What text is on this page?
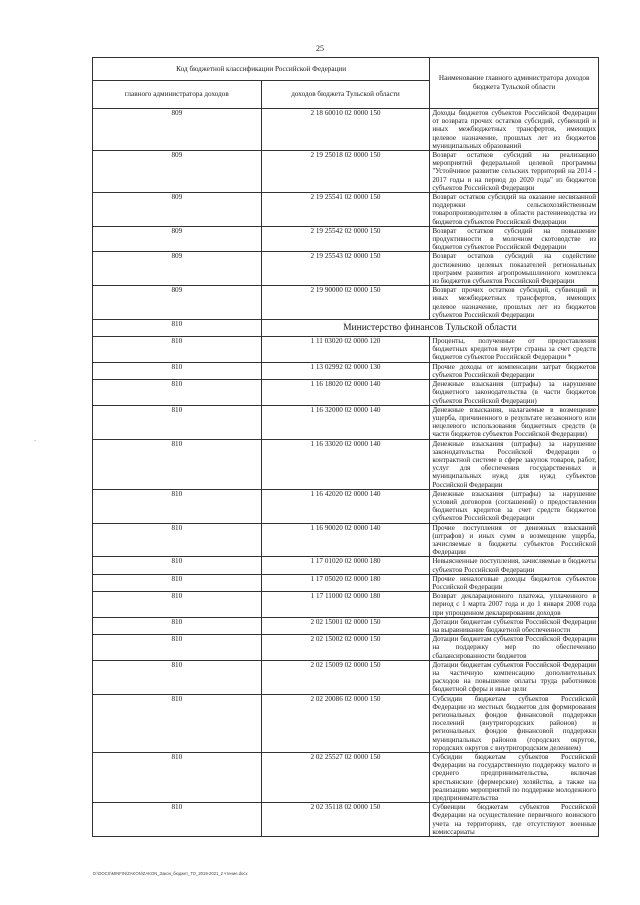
25
-
Код бюджетной классификации Российской Федерации		Наименование главного администратора доходов бюджета Тульской области
главного администратора доходов	доходов бюджета Тульской области	
809	2 18 60010 02 0000 150	Доходы бюджетов субъектов Российской Федерации от возврата прочих остатков субсидий, субвенций и иных межбюджетных трансфертов, имеющих целевое назначение, прошлых лет из бюджетов муниципальных образований
809	2 19 25018 02 0000 150	Возврат остатков субсидий на реализацию мероприятий федеральной целевой программы "Устойчивое развитие сельских территорий на 2014 - 2017 годы и на период до 2020 года" из бюджетов субъектов Российской Федерации
809	2 19 25541 02 0000 150	Возврат остатков субсидий на оказание несвязанной поддержки сельскохозяйственным товаропроизводителям в области растениеводства из бюджетов субъектов Российской Федерации
809	2 19 25542 02 0000 150	Возврат остатков субсидий на повышение продуктивности в молочном скотоводстве из бюджетов субъектов Российской Федерации
809	2 19 25543 02 0000 150	Возврат остатков субсидий на содействие достижению целевых показателей региональных программ развития агропромышленного комплекса из бюджетов субъектов Российской Федерации
809	2 19 90000 02 0000 150	Возврат прочих остатков субсидий, субвенций и иных межбюджетных трансфертов, имеющих целевое назначение, прошлых лет из бюджетов субъектов Российской Федерации
810	Министерство финансов Тульской области	
810	1 11 03020 02 0000 120	Проценты, полученные от предоставления бюджетных кредитов внутри страны за счет средств бюджетов субъектов Российской Федерации *
810	1 13 02992 02 0000 130	Прочие доходы от компенсации затрат бюджетов субъектов Российской Федерации
810	1 16 18020 02 0000 140	Денежные взыскания (штрафы) за нарушение бюджетного законодательства (в части бюджетов субъектов Российской Федерации)
810	1 16 32000 02 0000 140	Денежные взыскания, налагаемые в возмещение ущерба, причиненного в результате незаконного или нецелевого использования бюджетных средств (в части бюджетов субъектов Российской Федерации)
810	1 16 33020 02 0000 140	Денежные взыскания (штрафы) за нарушение законодательства Российской Федерации о контрактной системе в сфере закупок товаров, работ, услуг для обеспечения государственных и муниципальных нужд для нужд субъектов Российской Федерации
810	1 16 42020 02 0000 140	Денежные взыскания (штрафы) за нарушение условий договоров (соглашений) о предоставлении бюджетных кредитов за счет средств бюджетов субъектов Российской Федерации
810	1 16 90020 02 0000 140	Прочие поступления от денежных взысканий (штрафов) и иных сумм в возмещение ущерба, зачисляемые в бюджеты субъектов Российской Федерации
810	1 17 01020 02 0000 180	Невыясненные поступления, зачисляемые в бюджеты субъектов Российской Федерации
810	1 17 05020 02 0000 180	Прочие неналоговые доходы бюджетов субъектов Российской Федерации
810	1 17 11000 02 0000 180	Возврат декларационного платежа, уплаченного в период с 1 марта 2007 года и до 1 января 2008 года при упрощенном декларировании доходов
810	2 02 15001 02 0000 150	Дотации бюджетам субъектов Российской Федерации на выравнивание бюджетной обеспеченности
810	2 02 15002 02 0000 150	Дотации бюджетам субъектов Российской Федерации на поддержку мер по обеспечению сбалансированности бюджетов
810	2 02 15009 02 0000 150	Дотации бюджетам субъектов Российской Федерации на частичную компенсацию дополнительных расходов на повышение оплаты труда работников бюджетной сферы и иные цели
810	2 02 20086 02 0000 150	Субсидии бюджетам субъектов Российской Федерации из местных бюджетов для формирования региональных фондов финансовой поддержки поселений (внутригородских районов) и региональных фондов финансовой поддержки муниципальных районов (городских округов, городских округов с внутригородским делением)
810	2 02 25527 02 0000 150	Субсидии бюджетам субъектов Российской Федерации на государственную поддержку малого и среднего предпринимательства, включая крестьянские (фермерские) хозяйства, а также на реализацию мероприятий по поддержке молодежного предпринимательства
810	2 02 35118 02 0000 150	Субвенции бюджетам субъектов Российской Федерации на осуществление первичного воинского учета на территориях, где отсутствуют военные комиссариаты
D:\DOCS\MINFIN\ZAKON\ZAKON_Закон_бюджет_ТО_2019-2021_2 чтение.docx
